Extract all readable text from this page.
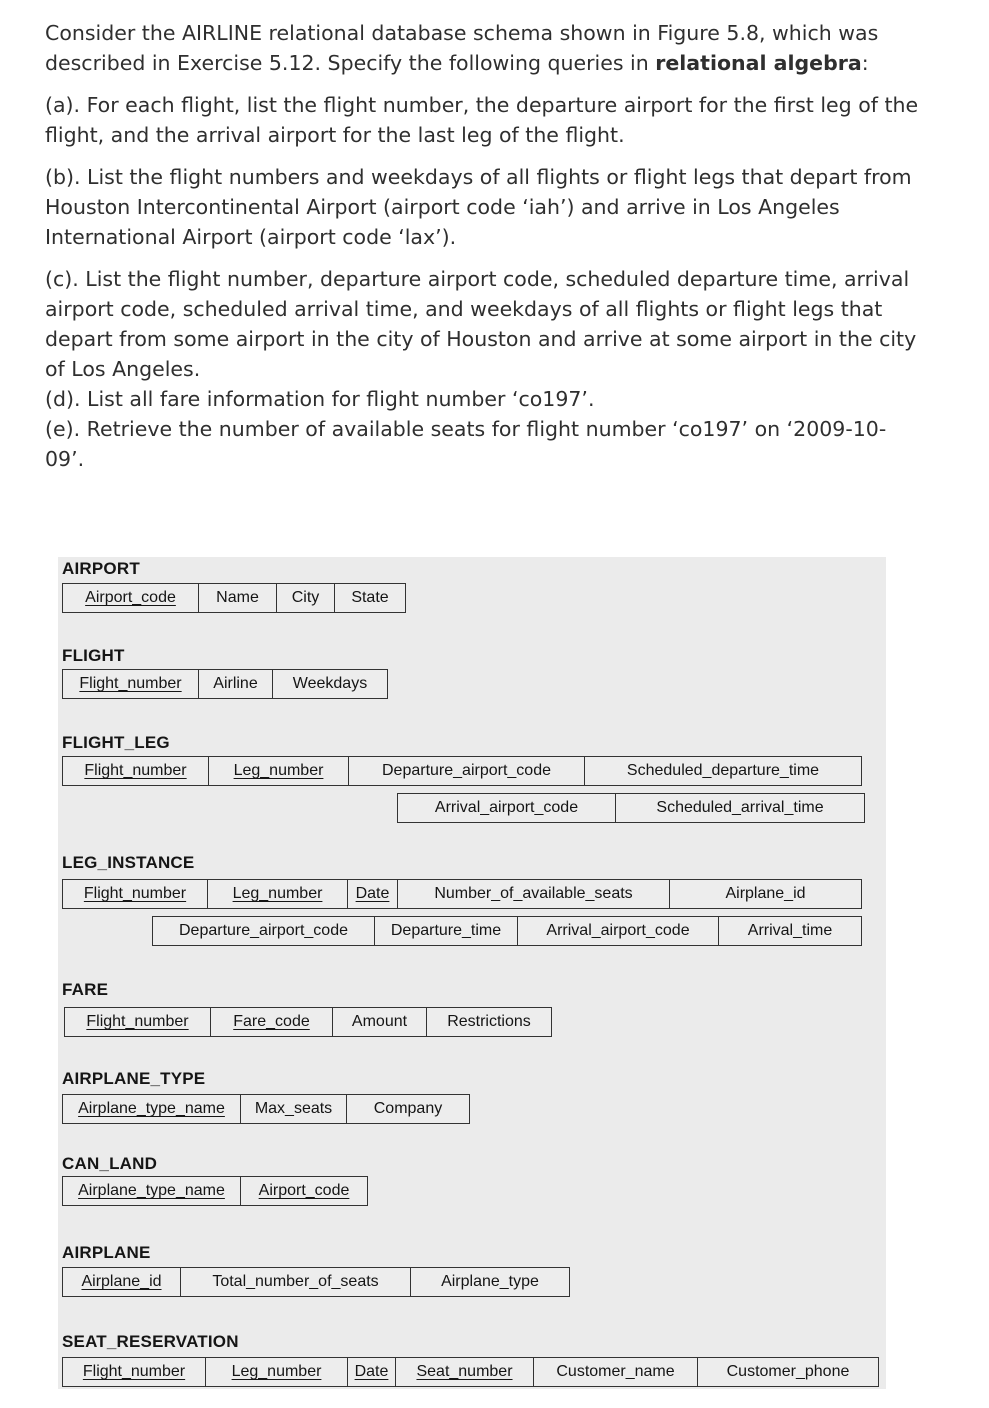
Consider the AIRLINE relational database schema shown in Figure 5.8, which was described in Exercise 5.12. Specify the following queries in relational algebra:

(a). For each flight, list the flight number, the departure airport for the first leg of the flight, and the arrival airport for the last leg of the flight.

(b). List the flight numbers and weekdays of all flights or flight legs that depart from Houston Intercontinental Airport (airport code ‘iah’) and arrive in Los Angeles International Airport (airport code ‘lax’).

(c). List the flight number, departure airport code, scheduled departure time, arrival airport code, scheduled arrival time, and weekdays of all flights or flight legs that depart from some airport in the city of Houston and arrive at some airport in the city of Los Angeles.

(d). List all fare information for flight number ‘co197’.

(e). Retrieve the number of available seats for flight number ‘co197’ on ‘2009-10-09’.

AIRPORT
Airport_code	Name	City	State
FLIGHT
Flight_number	Airline	Weekdays
FLIGHT_LEG
Flight_number	Leg_number	Departure_airport_code	Scheduled_departure_time
Arrival_airport_code	Scheduled_arrival_time
LEG_INSTANCE
Flight_number	Leg_number	Date	Number_of_available_seats	Airplane_id
Departure_airport_code	Departure_time	Arrival_airport_code	Arrival_time
FARE
Flight_number	Fare_code	Amount	Restrictions
AIRPLANE_TYPE
Airplane_type_name	Max_seats	Company
CAN_LAND
Airplane_type_name	Airport_code
AIRPLANE
Airplane_id	Total_number_of_seats	Airplane_type
SEAT_RESERVATION
Flight_number	Leg_number	Date	Seat_number	Customer_name	Customer_phone
